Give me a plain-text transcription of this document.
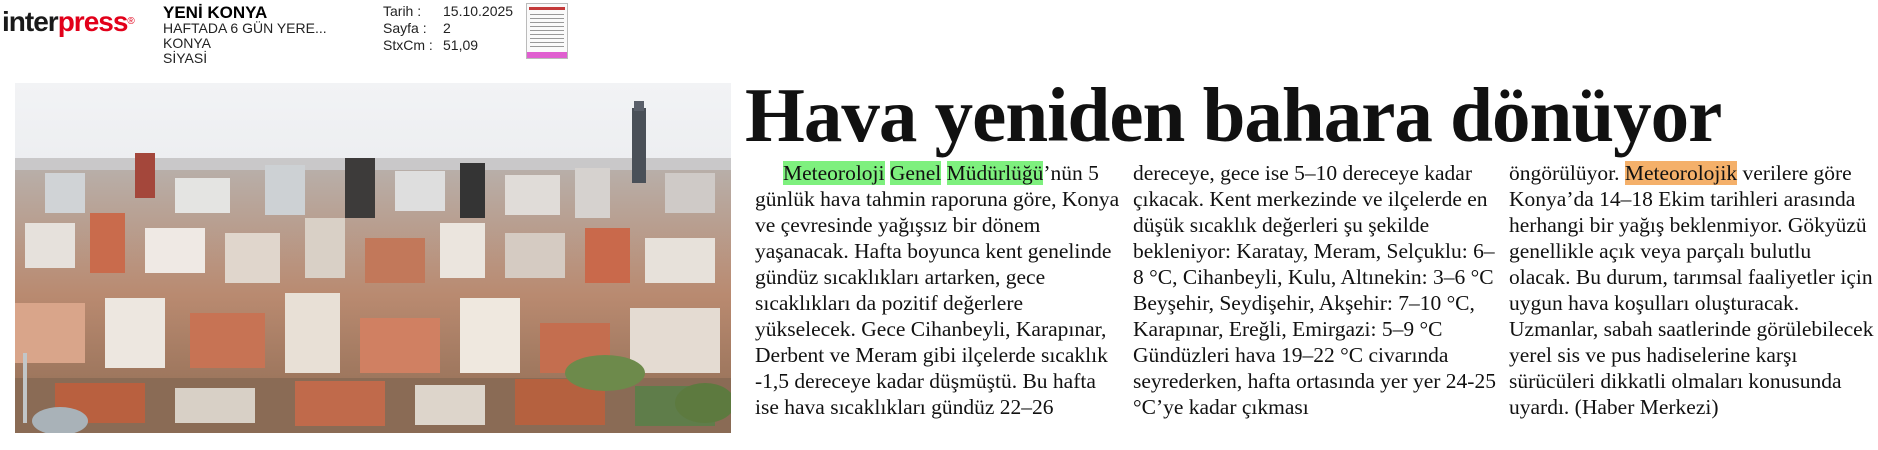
interpress® YENİ KONYA
HAFTADA 6 GÜN YERE...
KONYA
SİYASİ
Tarih :	15.10.2025
Sayfa :	2
StxCm : 51,09
Hava yeniden bahara dönüyor

Meteoroloji Genel Müdürlüğü’nün 5 günlük hava tahmin raporuna göre, Konya ve çevresinde yağışsız bir dönem yaşanacak. Hafta boyunca kent genelinde gündüz sıcaklıkları artarken, gece sıcaklıkları da pozitif değerlere yükselecek. Gece Cihanbeyli, Karapınar, Derbent ve Meram gibi ilçelerde sıcaklık -1,5 dereceye kadar düşmüştü. Bu hafta ise hava sıcaklıkları gündüz 22–26

dereceye, gece ise 5–10 dereceye kadar çıkacak. Kent merkezinde ve ilçelerde en düşük sıcaklık değerleri şu şekilde bekleniyor: Karatay, Meram, Selçuklu: 6–8 °C, Cihanbeyli, Kulu, Altınekin: 3–6 °C Beyşehir, Seydişehir, Akşehir: 7–10 °C, Karapınar, Ereğli, Emirgazi: 5–9 °C Gündüzleri hava 19–22 °C civarında seyrederken, hafta ortasında yer yer 24-25 °C’ye kadar çıkması

öngörülüyor. Meteorolojik verilere göre Konya’da 14–18 Ekim tarihleri arasında herhangi bir yağış beklenmiyor. Gökyüzü genellikle açık veya parçalı bulutlu olacak. Bu durum, tarımsal faaliyetler için uygun hava koşulları oluşturacak. Uzmanlar, sabah saatlerinde görülebilecek yerel sis ve pus hadiselerine karşı sürücüleri dikkatli olmaları konusunda uyardı. (Haber Merkezi)
